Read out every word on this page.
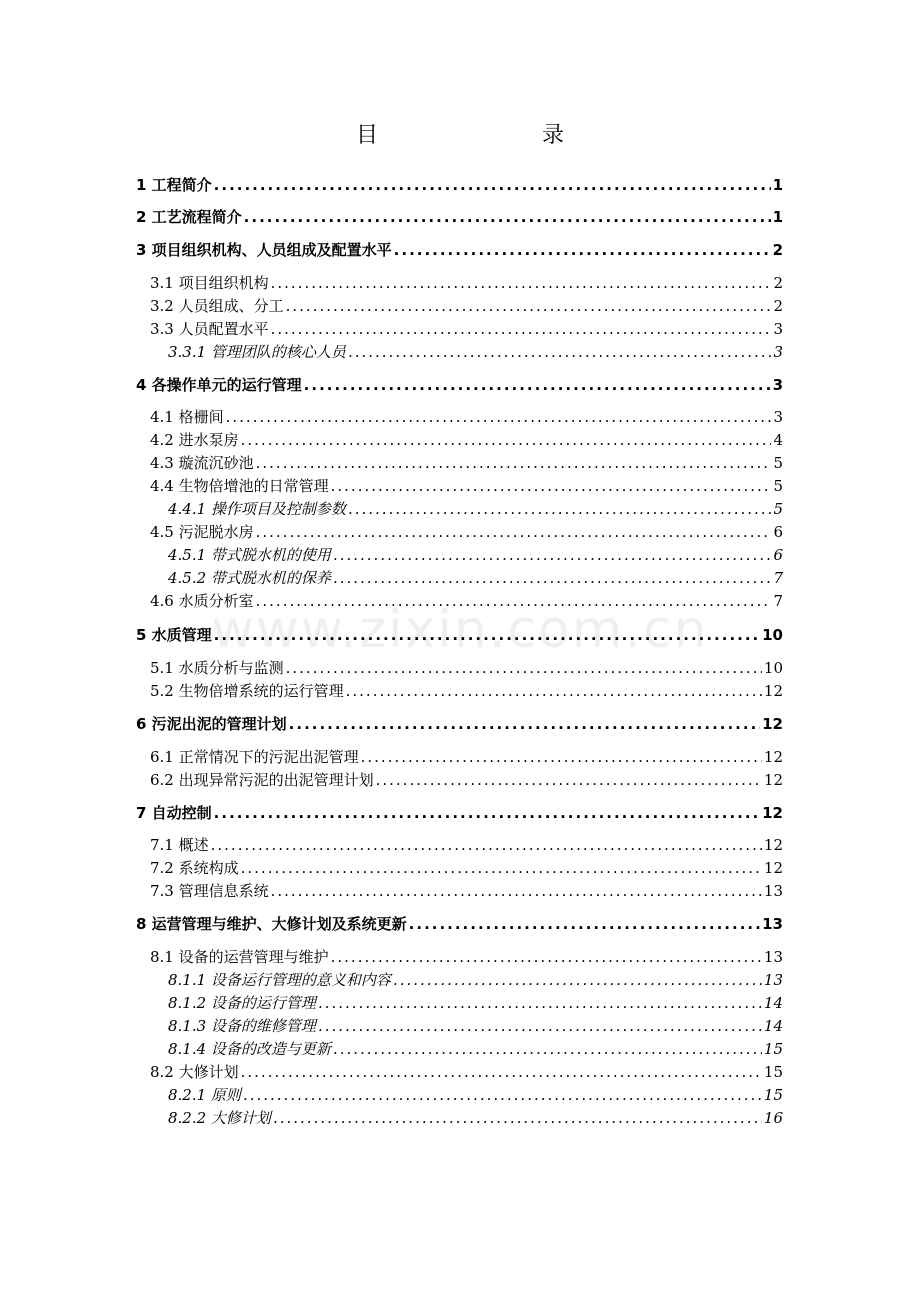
目　　录
www.zixin.com.cn
1 工程简介 .....	1
2 工艺流程简介 .....	1
3 项目组织机构、人员组成及配置水平 .....	2
3.1 项目组织机构 .....	2
3.2 人员组成、分工 .....	2
3.3 人员配置水平 .....	3
3.3.1 管理团队的核心人员 .....	3
4 各操作单元的运行管理 .....	3
4.1 格栅间 .....	3
4.2 进水泵房 .....	4
4.3 璇流沉砂池 .....	5
4.4 生物倍增池的日常管理 .....	5
4.4.1 操作项目及控制参数 .....	5
4.5 污泥脱水房 .....	6
4.5.1 带式脱水机的使用 .....	6
4.5.2 带式脱水机的保养 .....	7
4.6 水质分析室 .....	7
5 水质管理 .....	10
5.1 水质分析与监测 .....	10
5.2 生物倍增系统的运行管理 .....	12
6 污泥出泥的管理计划 .....	12
6.1 正常情况下的污泥出泥管理 .....	12
6.2 出现异常污泥的出泥管理计划 .....	12
7 自动控制 .....	12
7.1 概述 .....	12
7.2 系统构成 .....	12
7.3 管理信息系统 .....	13
8 运营管理与维护、大修计划及系统更新 .....	13
8.1 设备的运营管理与维护 .....	13
8.1.1 设备运行管理的意义和内容 .....	13
8.1.2 设备的运行管理 .....	14
8.1.3 设备的维修管理 .....	14
8.1.4 设备的改造与更新 .....	15
8.2 大修计划 .....	15
8.2.1 原则 .....	15
8.2.2 大修计划 .....	16
